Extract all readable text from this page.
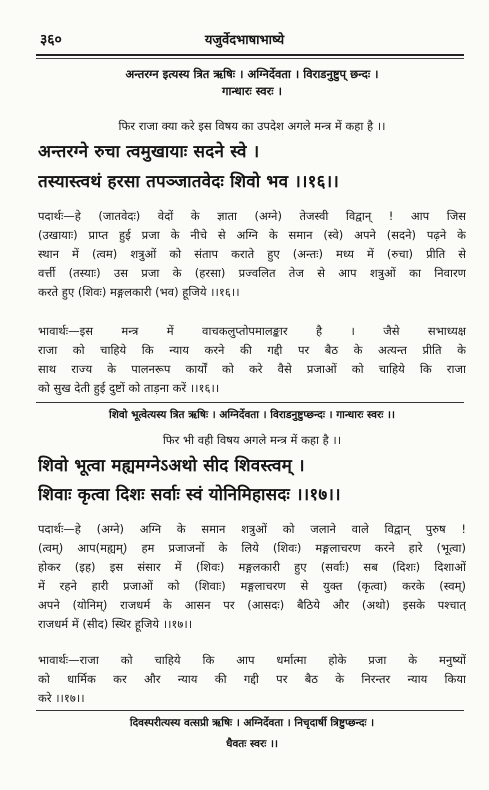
३६०	यजुर्वेदभाषाभाष्ये
अन्तरग्न इत्यस्य त्रित ऋषिः । अग्निर्देवता । विराडनुष्टुप् छन्दः ।
गान्धारः स्वरः ।
फिर राजा क्या करे इस विषय का उपदेश अगले मन्त्र में कहा है ।।
अन्तरग्ने रुचा त्वमुखायाः सदने स्वे ।
तस्यास्त्वथं हरसा तपञ्जातवेदः शिवो भव ।।१६।।
पदार्थः—हे (जातवेदः) वेदों के ज्ञाता (अग्ने) तेजस्वी विद्वान् ! आप जिस
(उखायाः) प्राप्त हुई प्रजा के नीचे से अग्नि के समान (स्वे) अपने (सदने) पढ़ने के
स्थान में (त्वम) शत्रुओं को संताप कराते हुए (अन्तः) मध्य में (रुचा) प्रीति से
वर्त्ती (तस्याः) उस प्रजा के (हरसा) प्रज्वलित तेज से आप शत्रुओं का निवारण
करते हुए (शिवः) मङ्गलकारी (भव) हूजिये ।।१६।।
भावार्थः—इस मन्त्र में वाचकलुप्तोपमालङ्कार है । जैसे सभाध्यक्ष
राजा को चाहिये कि न्याय करने की गद्दी पर बैठ के अत्यन्त प्रीति के
साथ राज्य के पालनरूप कार्यों को करे वैसे प्रजाओं को चाहिये कि राजा
को सुख देती हुई दुष्टों को ताड़ना करें ।।१६।।
शिवो भूत्वेत्यस्य त्रित ऋषिः । अग्निर्देवता । विराडनुष्टुप्छन्दः । गान्धारः स्वरः ।।
फिर भी वही विषय अगले मन्त्र में कहा है ।।
शिवो भूत्वा मह्यमग्नेऽअथो सीद शिवस्त्वम् ।
शिवाः कृत्वा दिशः सर्वाः स्वं योनिमिहासदः ।।१७।।
पदार्थः—हे (अग्ने) अग्नि के समान शत्रुओं को जलाने वाले विद्वान् पुरुष !
(त्वम्) आप(मह्यम्) हम प्रजाजनों के लिये (शिवः) मङ्गलाचरण करने हारे (भूत्वा)
होकर (इह) इस संसार में (शिवः) मङ्गलकारी हुए (सर्वाः) सब (दिशः) दिशाओं
में रहने हारी प्रजाओं को (शिवाः) मङ्गलाचरण से युक्त (कृत्वा) करके (स्वम्)
अपने (योनिम्) राजधर्म के आसन पर (आसदः) बैठिये और (अथो) इसके पश्चात्
राजधर्म में (सीद) स्थिर हूजिये ।।१७।।
भावार्थः—राजा को चाहिये कि आप धर्मात्मा होके प्रजा के मनुष्यों
को धार्मिक कर और न्याय की गद्दी पर बैठ के निरन्तर न्याय किया
करे ।।१७।।
दिवस्परीत्यस्य वत्सप्री ऋषिः । अग्निर्देवता । निचृदार्षी त्रिष्टुप्छन्दः ।
धैवतः स्वरः ।।
